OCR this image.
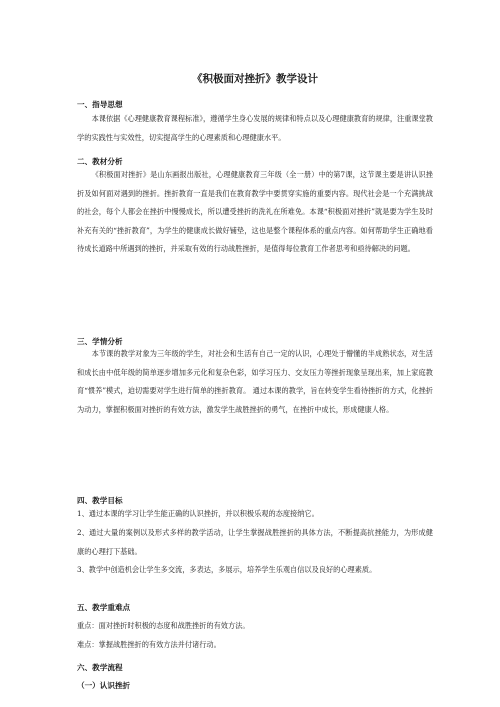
《积极面对挫折》教学设计
一、指导思想
本课依据《心理健康教育课程标准》，遵循学生身心发展的规律和特点以及心理健康教育的规律，注重课堂教学的实践性与实效性，切实提高学生的心理素质和心理健康水平。
二、教材分析
《积极面对挫折》是山东画报出版社，心理健康教育三年级（全一册）中的第7课，这节课主要是讲认识挫折及如何面对遇到的挫折。挫折教育一直是我们在教育教学中要贯穿实施的重要内容。现代社会是一个充满挑战的社会，每个人都会在挫折中慢慢成长，所以遭受挫折的洗礼在所难免。本课“积极面对挫折”就是要为学生及时补充有关的“挫折教育”，为学生的健康成长做好铺垫，这也是整个课程体系的重点内容。如何帮助学生正确地看待成长道路中所遇到的挫折，并采取有效的行动战胜挫折，是值得每位教育工作者思考和亟待解决的问题。
三、学情分析
本节课的教学对象为三年级的学生，对社会和生活有自己一定的认识，心理处于懵懂的半成熟状态，对生活和成长由中低年级的简单逐步增加多元化和复杂色彩，如学习压力、交友压力等挫折现象呈现出来，加上家庭教育“惯养”模式，迫切需要对学生进行简单的挫折教育。 通过本课的教学，旨在转变学生看待挫折的方式，化挫折为动力，掌握积极面对挫折的有效方法，激发学生战胜挫折的勇气，在挫折中成长，形成健康人格。
四、教学目标
1、通过本课的学习让学生能正确的认识挫折，并以积极乐观的态度接纳它。
2、通过大量的案例以及形式多样的教学活动，让学生掌握战胜挫折的具体方法，不断提高抗挫能力，为形成健康的心理打下基础。
3、教学中创造机会让学生多交流，多表达，多展示，培养学生乐观自信以及良好的心理素质。
五、教学重难点
重点：面对挫折时积极的态度和战胜挫折的有效方法。
难点：掌握战胜挫折的有效方法并付诸行动。
六、教学流程
（一）认识挫折
